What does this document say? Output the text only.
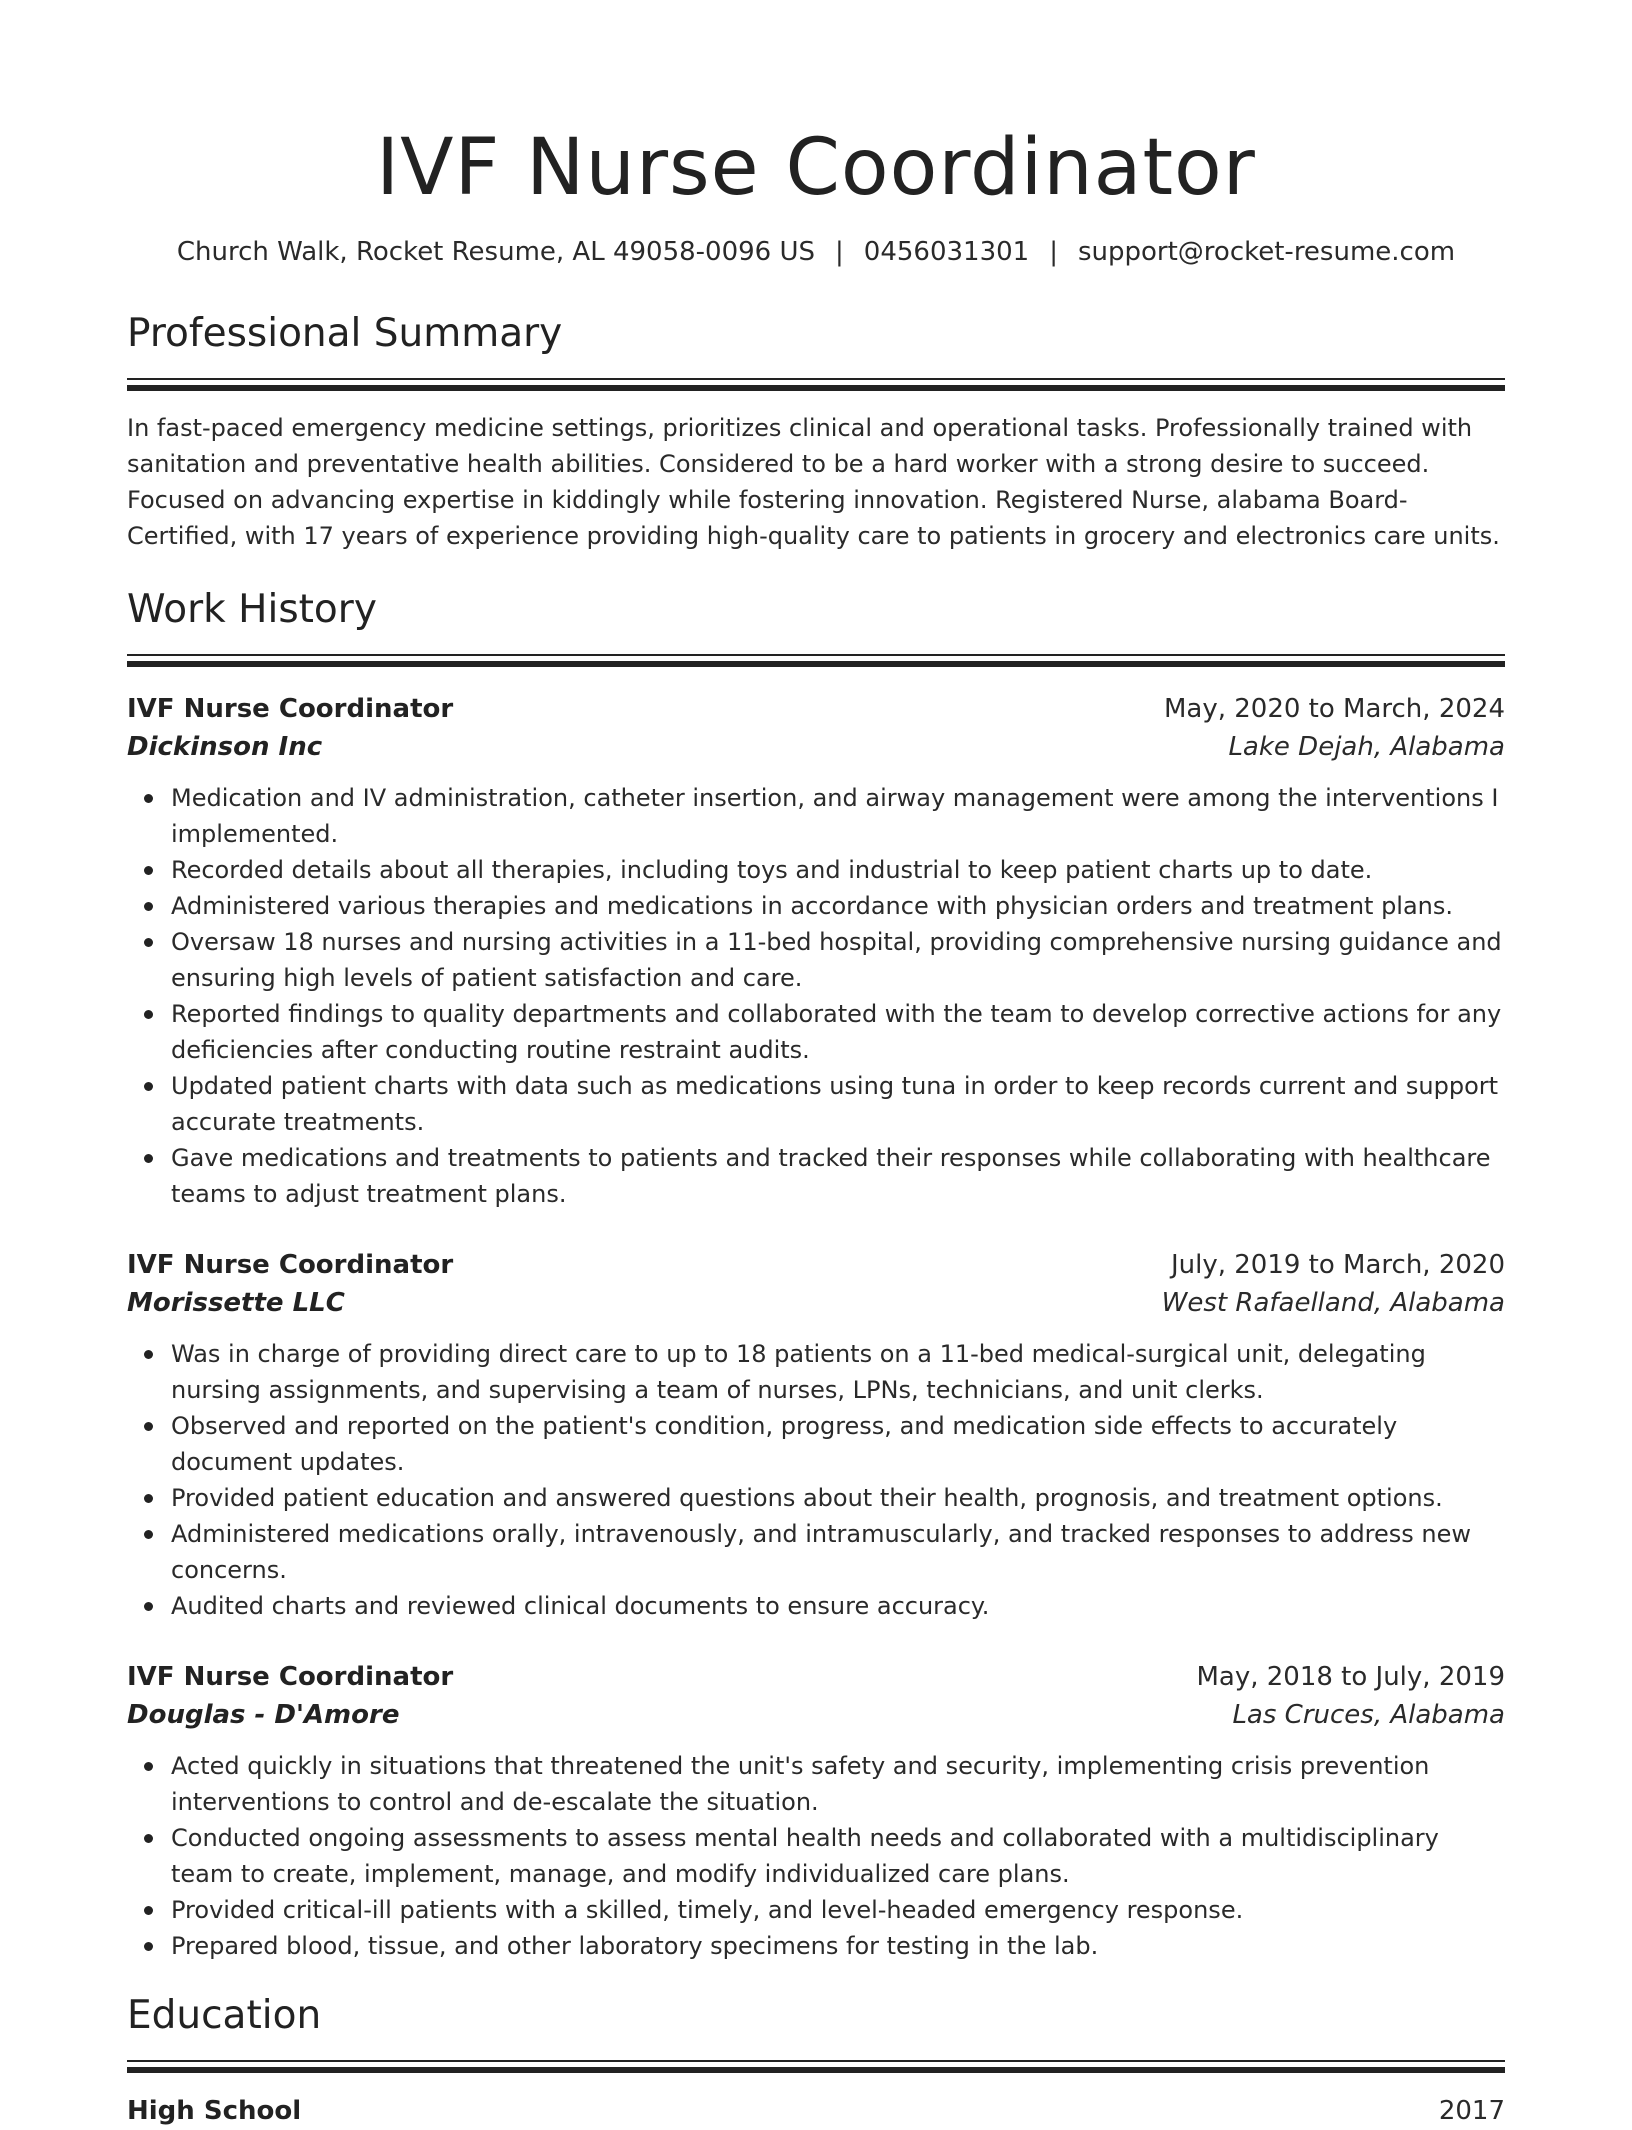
IVF Nurse Coordinator
Church Walk, Rocket Resume, AL 49058-0096 US | 0456031301 | support@rocket-resume.com
Professional Summary

In fast-paced emergency medicine settings, prioritizes clinical and operational tasks. Professionally trained with sanitation and preventative health abilities. Considered to be a hard worker with a strong desire to succeed. Focused on advancing expertise in kiddingly while fostering innovation. Registered Nurse, alabama Board-Certified, with 17 years of experience providing high-quality care to patients in grocery and electronics care units.

Work History
IVF Nurse Coordinator	May, 2020 to March, 2024
Dickinson Inc	Lake Dejah, Alabama
Medication and IV administration, catheter insertion, and airway management were among the interventions I implemented.
Recorded details about all therapies, including toys and industrial to keep patient charts up to date.
Administered various therapies and medications in accordance with physician orders and treatment plans.
Oversaw 18 nurses and nursing activities in a 11-bed hospital, providing comprehensive nursing guidance and ensuring high levels of patient satisfaction and care.
Reported findings to quality departments and collaborated with the team to develop corrective actions for any deficiencies after conducting routine restraint audits.
Updated patient charts with data such as medications using tuna in order to keep records current and support accurate treatments.
Gave medications and treatments to patients and tracked their responses while collaborating with healthcare teams to adjust treatment plans.
IVF Nurse Coordinator	July, 2019 to March, 2020
Morissette LLC	West Rafaelland, Alabama
Was in charge of providing direct care to up to 18 patients on a 11-bed medical-surgical unit, delegating nursing assignments, and supervising a team of nurses, LPNs, technicians, and unit clerks.
Observed and reported on the patient's condition, progress, and medication side effects to accurately document updates.
Provided patient education and answered questions about their health, prognosis, and treatment options.
Administered medications orally, intravenously, and intramuscularly, and tracked responses to address new concerns.
Audited charts and reviewed clinical documents to ensure accuracy.
IVF Nurse Coordinator	May, 2018 to July, 2019
Douglas - D'Amore	Las Cruces, Alabama
Acted quickly in situations that threatened the unit's safety and security, implementing crisis prevention interventions to control and de-escalate the situation.
Conducted ongoing assessments to assess mental health needs and collaborated with a multidisciplinary team to create, implement, manage, and modify individualized care plans.
Provided critical-ill patients with a skilled, timely, and level-headed emergency response.
Prepared blood, tissue, and other laboratory specimens for testing in the lab.
Education
High School	2017
